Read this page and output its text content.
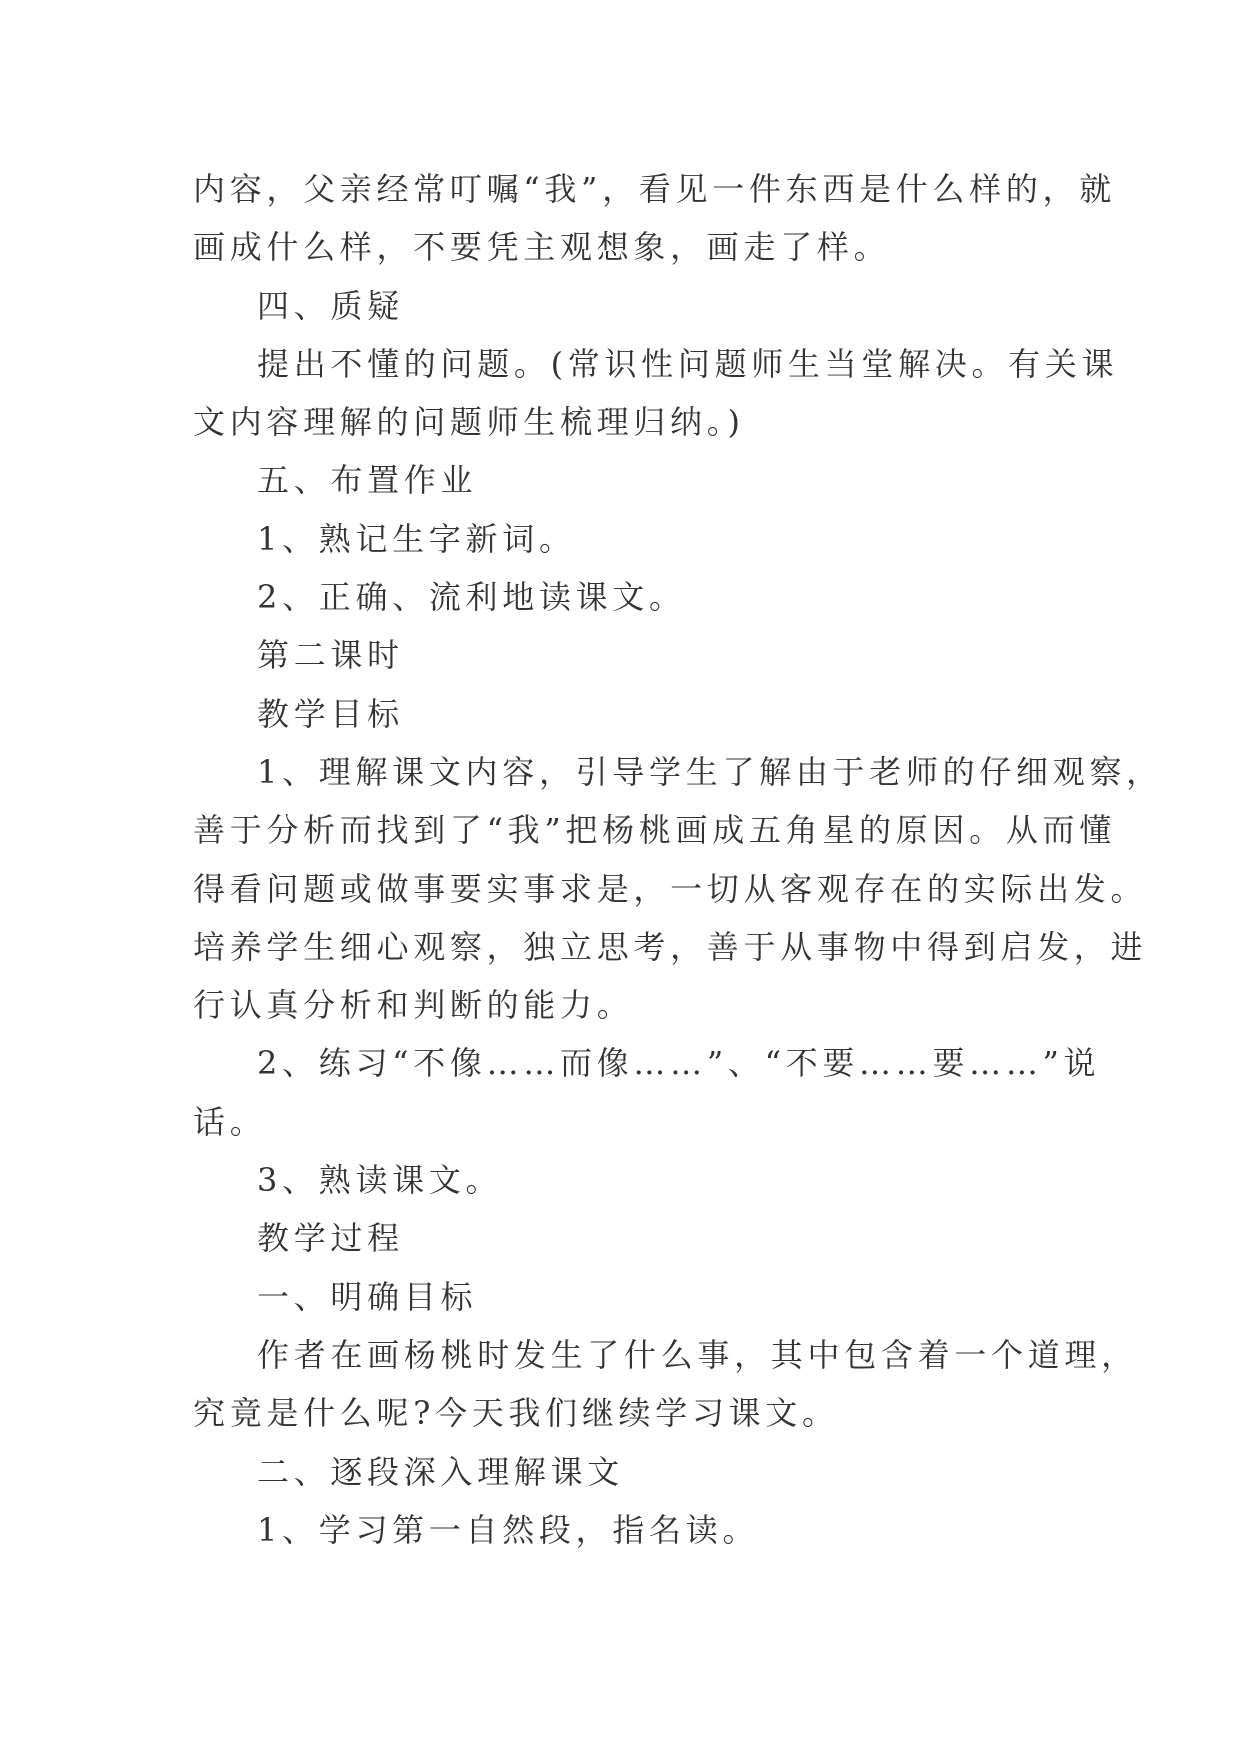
内容，父亲经常叮嘱“我”，看见一件东西是什么样的，就
画成什么样，不要凭主观想象，画走了样。
四、质疑
提出不懂的问题。(常识性问题师生当堂解决。有关课
文内容理解的问题师生梳理归纳。)
五、布置作业
1、熟记生字新词。
2、正确、流利地读课文。
第二课时
教学目标
1、理解课文内容，引导学生了解由于老师的仔细观察，
善于分析而找到了“我”把杨桃画成五角星的原因。从而懂
得看问题或做事要实事求是，一切从客观存在的实际出发。
培养学生细心观察，独立思考，善于从事物中得到启发，进
行认真分析和判断的能力。
2、练习“不像……而像……”、“不要……要……”说
话。
3、熟读课文。
教学过程
一、明确目标
作者在画杨桃时发生了什么事，其中包含着一个道理，
究竟是什么呢?今天我们继续学习课文。
二、逐段深入理解课文
1、学习第一自然段，指名读。
